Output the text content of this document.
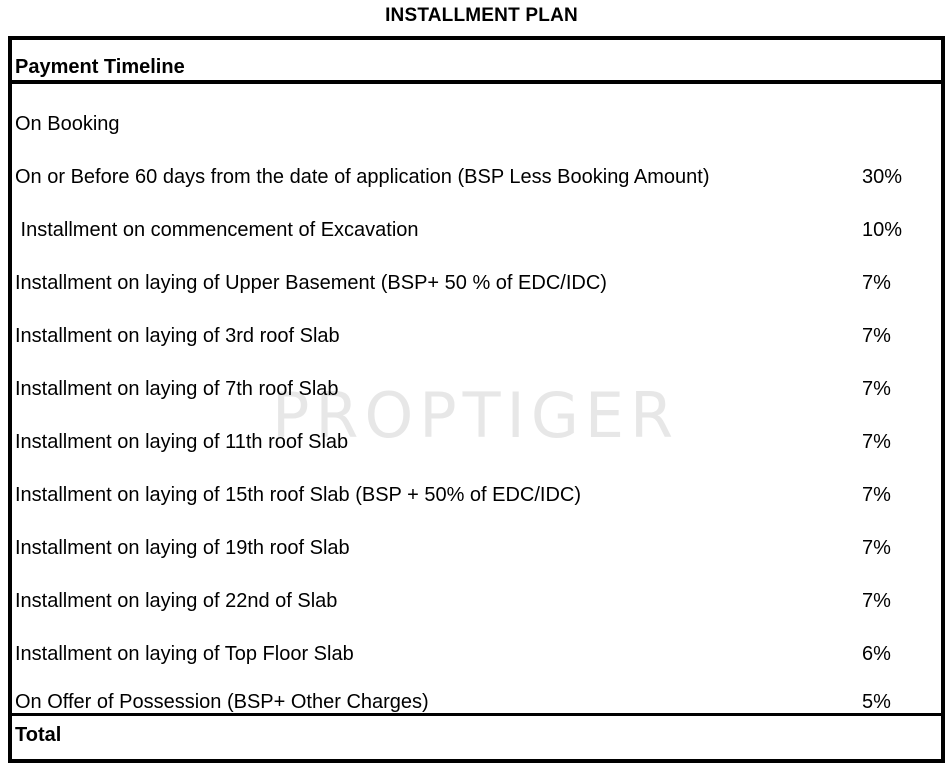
INSTALLMENT PLAN
PROPTIGER
Payment Timeline
On Booking
On or Before 60 days from the date of application (BSP Less Booking Amount)	30%
Installment on commencement of Excavation	10%
Installment on laying of Upper Basement (BSP+ 50 % of EDC/IDC)	7%
Installment on laying of 3rd roof Slab	7%
Installment on laying of 7th roof Slab	7%
Installment on laying of 11th roof Slab	7%
Installment on laying of 15th roof Slab (BSP + 50% of EDC/IDC)	7%
Installment on laying of 19th roof Slab	7%
Installment on laying of 22nd of Slab	7%
Installment on laying of Top Floor Slab	6%
On Offer of Possession (BSP+ Other Charges)	5%
Total
